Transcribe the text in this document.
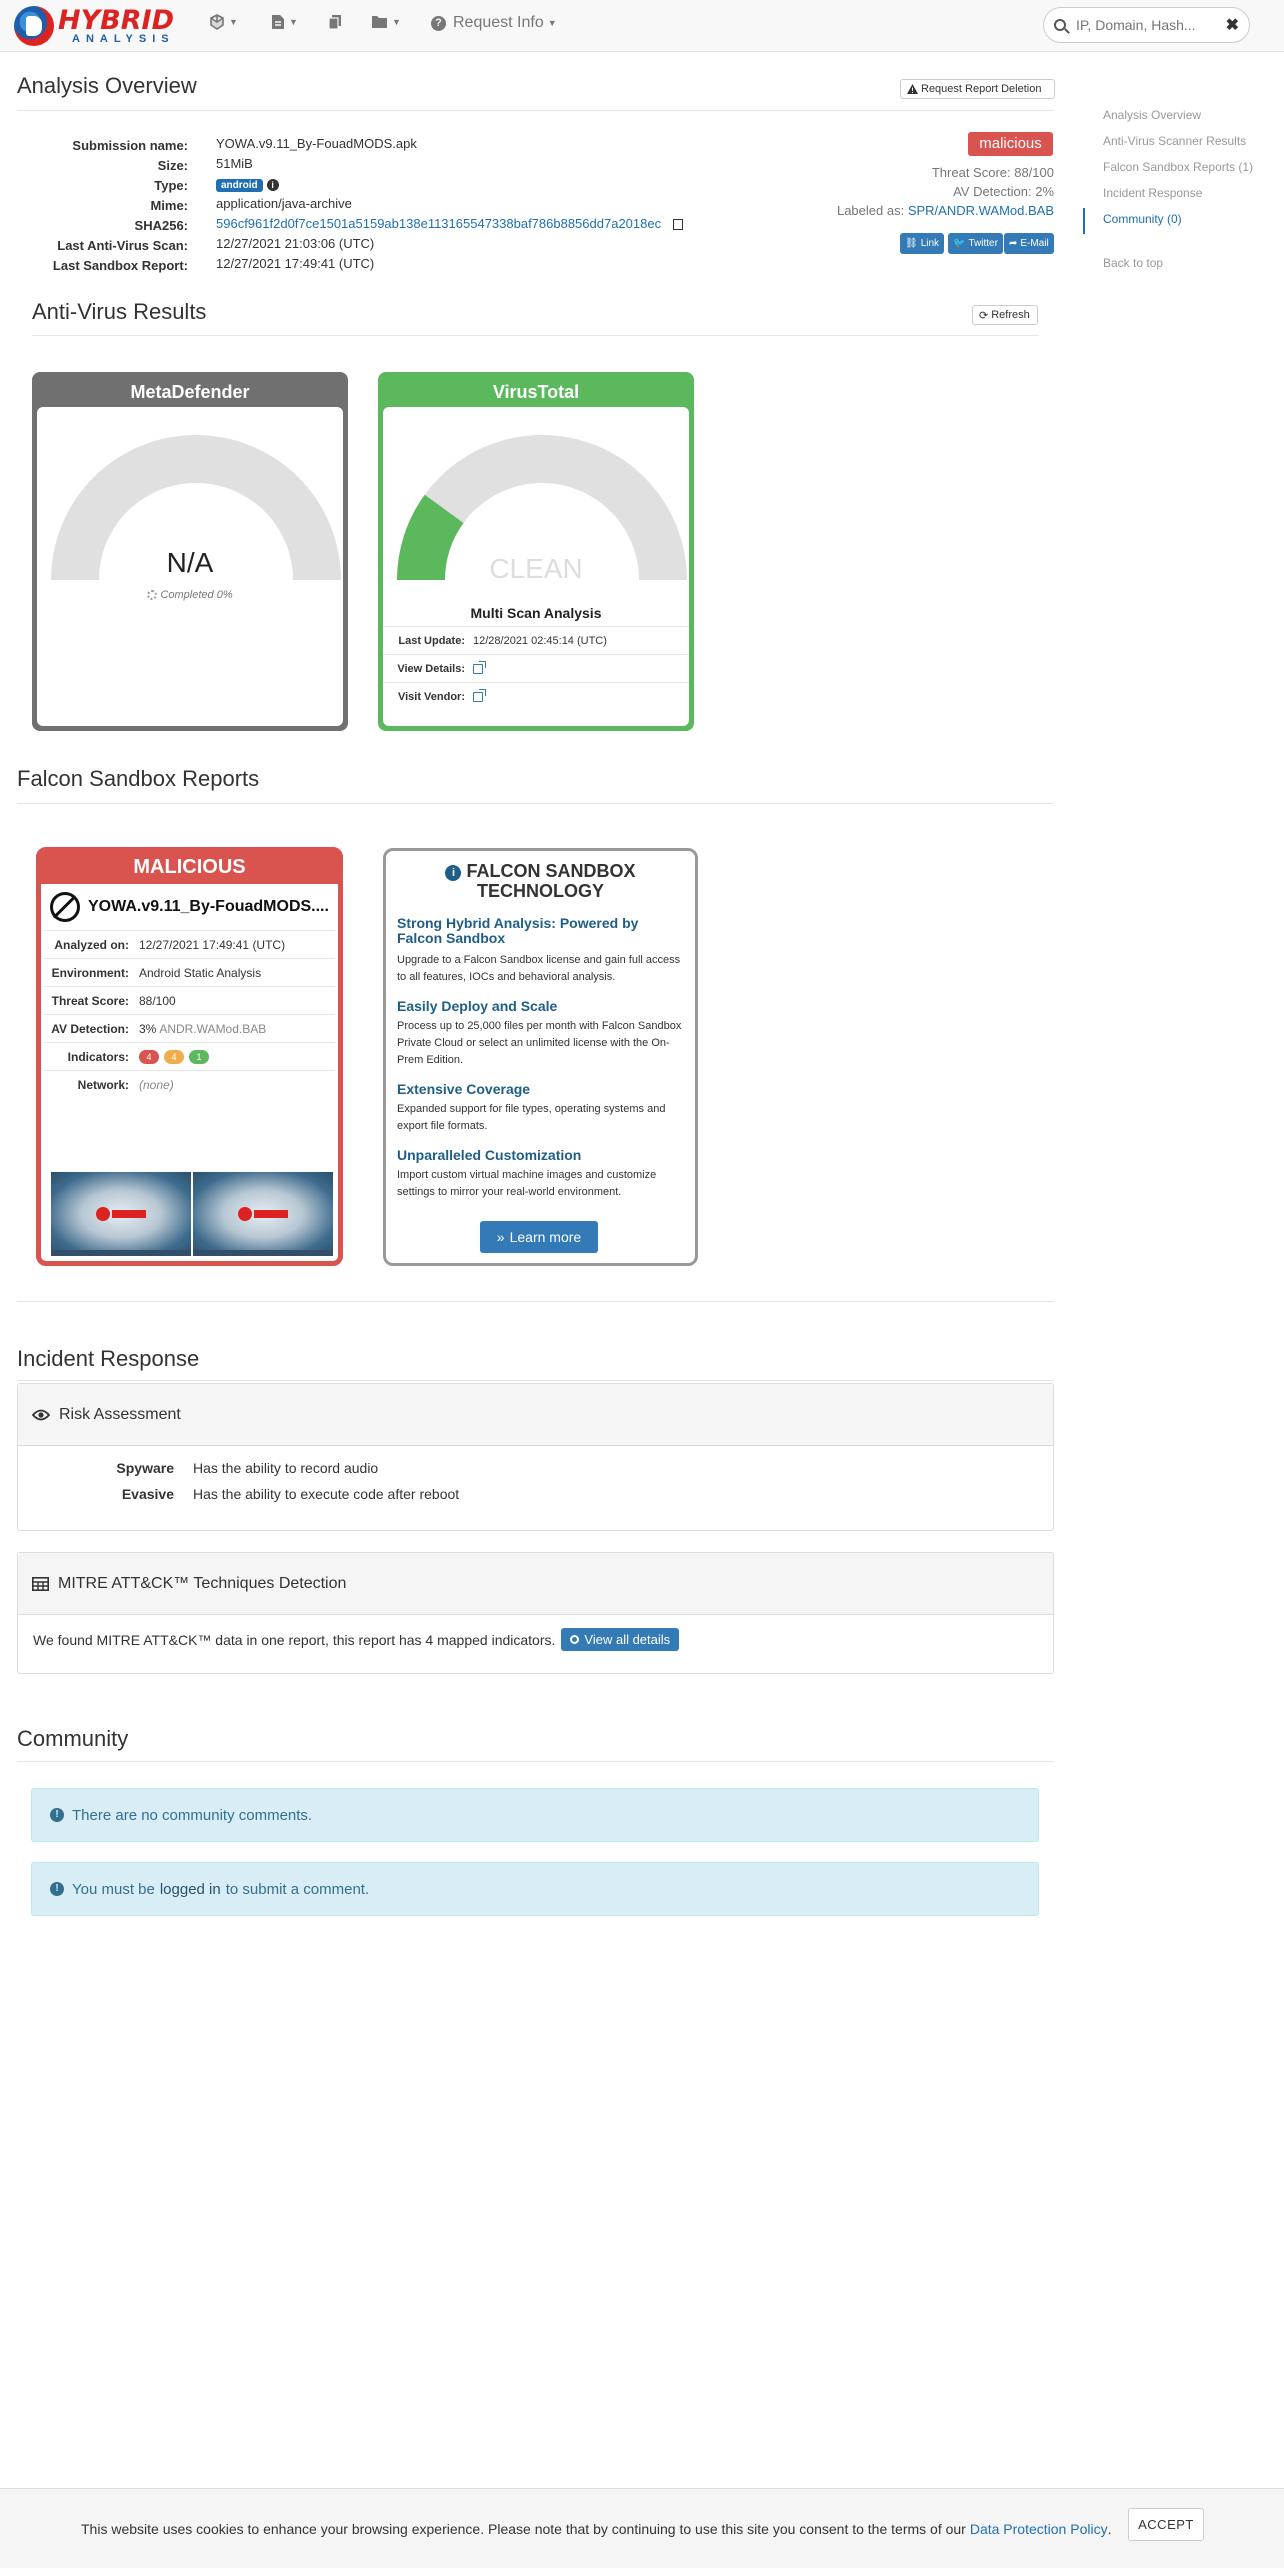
HYBRID
ANALYSIS
▼	▼	▼	? Request Info ▼
IP, Domain, Hash...	✖
Analysis Overview	Request Report Deletion
Submission name: YOWA.v9.11_By-FouadMODS.apk
Size: 51MiB
Type:	android i
Mime: application/java-archive
SHA256: 596cf961f2d0f7ce1501a5159ab138e113165547338baf786b8856dd7a2018ec
Last Anti-Virus Scan: 12/27/2021 21:03:06 (UTC)
Last Sandbox Report: 12/27/2021 17:49:41 (UTC)
malicious
Threat Score: 88/100
AV Detection: 2%
Labeled as: SPR/ANDR.WAMod.BAB
⛓ Link 🐦 Twitter ➦ E-Mail
Analysis Overview
Anti-Virus Scanner Results
Falcon Sandbox Reports (1)
Incident Response
Community (0)
Back to top
Anti-Virus Results	⟳ Refresh
MetaDefender
N/A
Completed 0%
VirusTotal
CLEAN
Multi Scan Analysis
Last Update: 12/28/2021 02:45:14 (UTC)
View Details:
Visit Vendor:
Falcon Sandbox Reports
MALICIOUS
YOWA.v9.11_By-FouadMODS....
Analyzed on: 12/27/2021 17:49:41 (UTC)
Environment: Android Static Analysis
Threat Score: 88/100
AV Detection: 3% ANDR.WAMod.BAB
Indicators:	4	4	1
Network: (none)
i FALCON SANDBOX
TECHNOLOGY
Strong Hybrid Analysis: Powered by Falcon Sandbox
Upgrade to a Falcon Sandbox license and gain full access to all features, IOCs and behavioral analysis.
Easily Deploy and Scale
Process up to 25,000 files per month with Falcon Sandbox Private Cloud or select an unlimited license with the On-Prem Edition.
Extensive Coverage
Expanded support for file types, operating systems and export file formats.
Unparalleled Customization
Import custom virtual machine images and customize settings to mirror your real-world environment.
» Learn more
Incident Response
Risk Assessment
Spyware Has the ability to record audio
Evasive Has the ability to execute code after reboot
MITRE ATT&CK™ Techniques Detection
We found MITRE ATT&CK™ data in one report, this report has 4 mapped indicators. View all details
Community
! There are no community comments.
! You must be logged in to submit a comment.
This website uses cookies to enhance your browsing experience. Please note that by continuing to use this site you consent to the terms of our Data Protection Policy .	ACCEPT
